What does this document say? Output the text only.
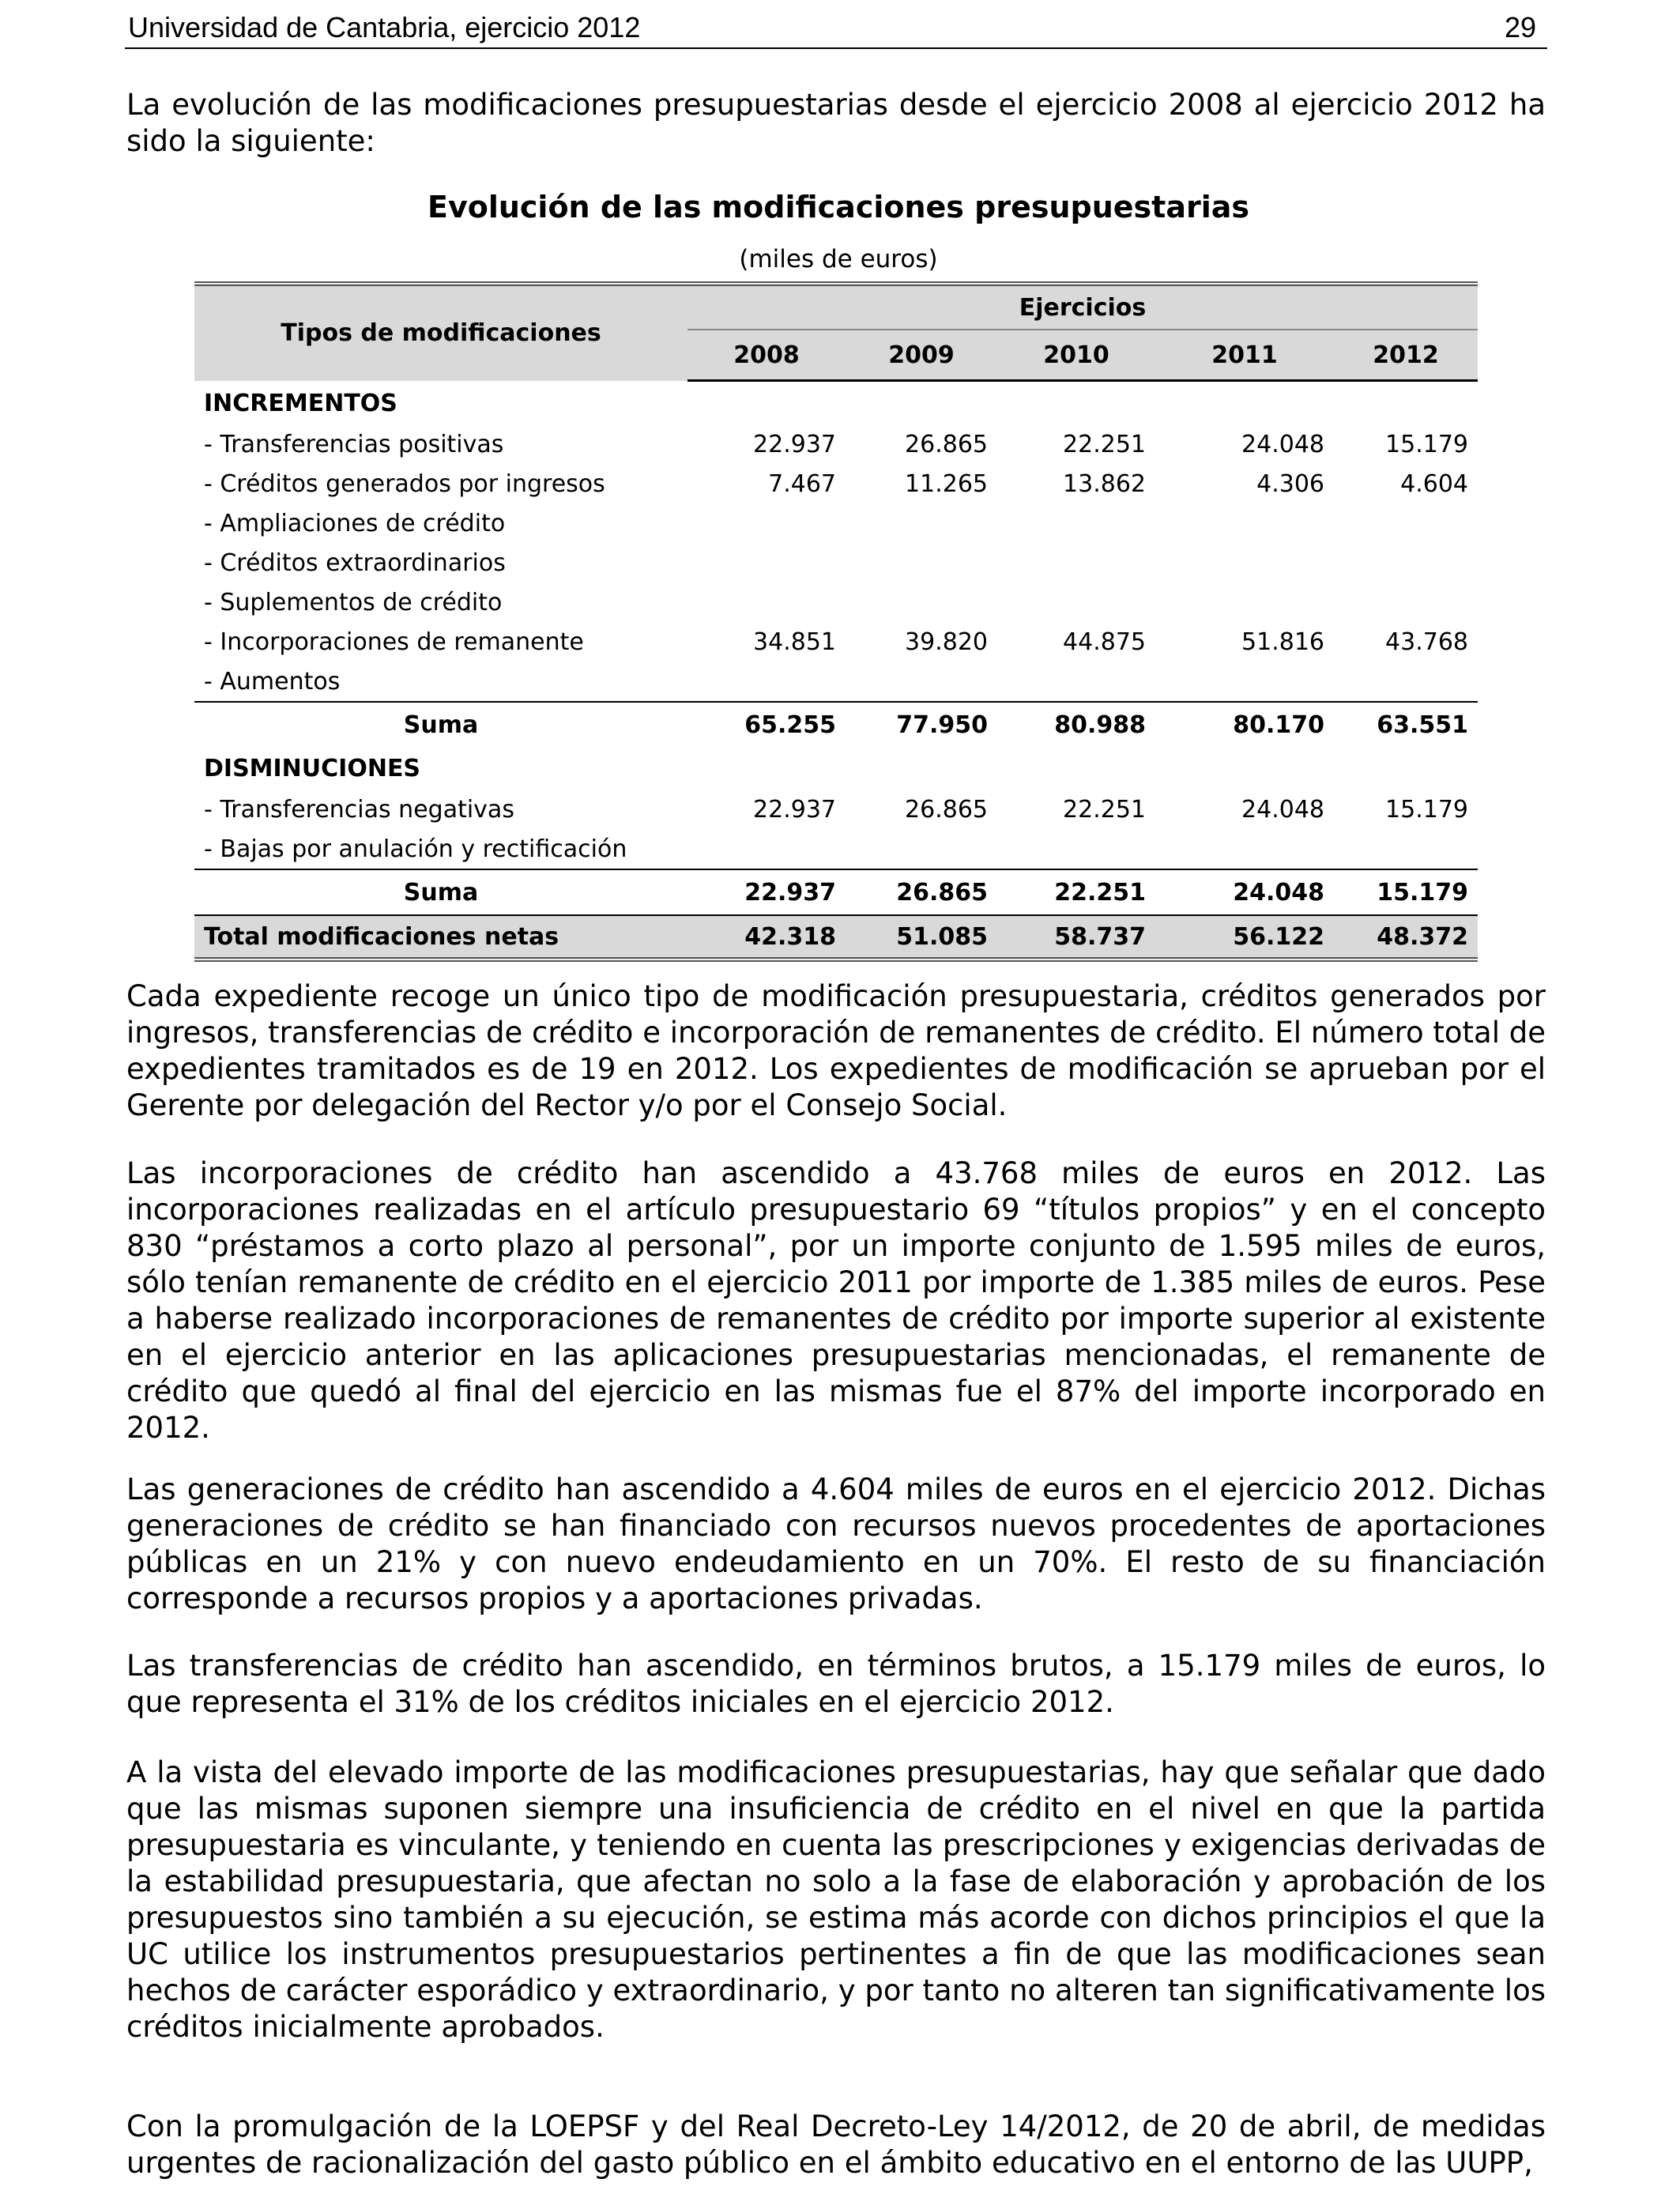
Universidad de Cantabria, ejercicio 2012	29

La evolución de las modificaciones presupuestarias desde el ejercicio 2008 al ejercicio 2012 ha sido la siguiente:

Evolución de las modificaciones presupuestarias
(miles de euros)
Tipos de modificaciones	Ejercicios				
	2008	2009	2010	2011	2012
INCREMENTOS					
- Transferencias positivas	22.937	26.865	22.251	24.048	15.179
- Créditos generados por ingresos	7.467	11.265	13.862	4.306	4.604
- Ampliaciones de crédito					
- Créditos extraordinarios					
- Suplementos de crédito					
- Incorporaciones de remanente	34.851	39.820	44.875	51.816	43.768
- Aumentos					
Suma	65.255	77.950	80.988	80.170	63.551
DISMINUCIONES					
- Transferencias negativas	22.937	26.865	22.251	24.048	15.179
- Bajas por anulación y rectificación					
Suma	22.937	26.865	22.251	24.048	15.179
Total modificaciones netas	42.318	51.085	58.737	56.122	48.372

Cada expediente recoge un único tipo de modificación presupuestaria, créditos generados por ingresos, transferencias de crédito e incorporación de remanentes de crédito. El número total de expedientes tramitados es de 19 en 2012. Los expedientes de modificación se aprueban por el Gerente por delegación del Rector y/o por el Consejo Social.

Las incorporaciones de crédito han ascendido a 43.768 miles de euros en 2012. Las incorporaciones realizadas en el artículo presupuestario 69 “títulos propios” y en el concepto 830 “préstamos a corto plazo al personal”, por un importe conjunto de 1.595 miles de euros, sólo tenían remanente de crédito en el ejercicio 2011 por importe de 1.385 miles de euros. Pese a haberse realizado incorporaciones de remanentes de crédito por importe superior al existente en el ejercicio anterior en las aplicaciones presupuestarias mencionadas, el remanente de crédito que quedó al final del ejercicio en las mismas fue el 87% del importe incorporado en 2012.

Las generaciones de crédito han ascendido a 4.604 miles de euros en el ejercicio 2012. Dichas generaciones de crédito se han financiado con recursos nuevos procedentes de aportaciones públicas en un 21% y con nuevo endeudamiento en un 70%. El resto de su financiación corresponde a recursos propios y a aportaciones privadas.

Las transferencias de crédito han ascendido, en términos brutos, a 15.179 miles de euros, lo que representa el 31% de los créditos iniciales en el ejercicio 2012.

A la vista del elevado importe de las modificaciones presupuestarias, hay que señalar que dado que las mismas suponen siempre una insuficiencia de crédito en el nivel en que la partida presupuestaria es vinculante, y teniendo en cuenta las prescripciones y exigencias derivadas de la estabilidad presupuestaria, que afectan no solo a la fase de elaboración y aprobación de los presupuestos sino también a su ejecución, se estima más acorde con dichos principios el que la UC utilice los instrumentos presupuestarios pertinentes a fin de que las modificaciones sean hechos de carácter esporádico y extraordinario, y por tanto no alteren tan significativamente los créditos inicialmente aprobados.

Con la promulgación de la LOEPSF y del Real Decreto-Ley 14/2012, de 20 de abril, de medidas urgentes de racionalización del gasto público en el ámbito educativo en el entorno de las UUPP,
